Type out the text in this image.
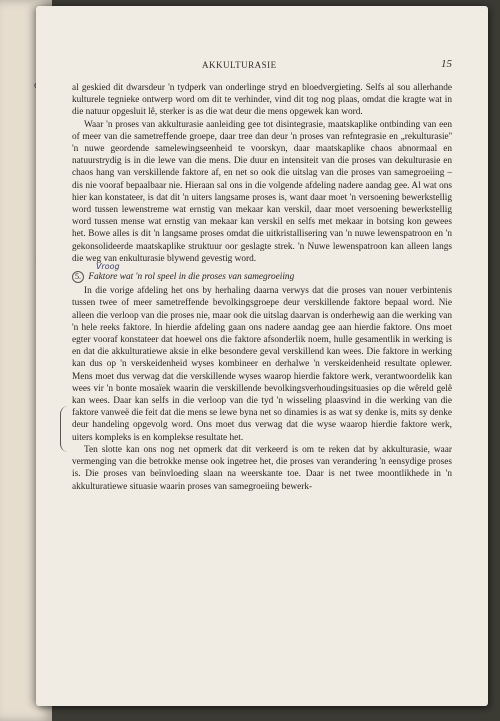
AKKULTURASIE	15

al geskied dit dwarsdeur 'n tydperk van onderlinge stryd en bloedvergieting. Selfs al sou allerhande kulturele tegnieke ontwerp word om dit te verhinder, vind dit tog nog plaas, omdat die kragte wat in die natuur opgesluit lê, sterker is as die wat deur die mens opgewek kan word.

Waar 'n proses van akkulturasie aanleiding gee tot disintegrasie, maatskaplike ontbinding van een of meer van die sametreffende groepe, daar tree dan deur 'n proses van refntegrasie en „rekulturasie'' 'n nuwe geordende samelewingseenheid te voorskyn, daar maatskaplike chaos abnormaal en natuurstrydig is in die lewe van die mens. Die duur en intensiteit van die proses van dekulturasie en chaos hang van verskillende faktore af, en net so ook die uitslag van die proses van samegroeiing – dis nie vooraf bepaalbaar nie. Hieraan sal ons in die volgende afdeling nadere aandag gee. Al wat ons hier kan konstateer, is dat dit 'n uiters langsame proses is, want daar moet 'n versoening bewerkstellig word tussen lewenstreme wat ernstig van mekaar kan verskil, daar moet versoening bewerkstellig word tussen mense wat ernstig van mekaar kan verskil en selfs met mekaar in botsing kon gewees het. Bowe alles is dit 'n langsame proses omdat die uitkristallisering van 'n nuwe lewenspatroon en 'n gekonsolideerde maatskaplike struktuur oor geslagte strek. 'n Nuwe lewenspatroon kan alleen langs die weg van enkulturasie blywend gevestig word.

Vroog
5. Faktore wat 'n rol speel in die proses van samegroeiing

In die vorige afdeling het ons by herhaling daarna verwys dat die proses van nouer verbintenis tussen twee of meer sametreffende bevolkingsgroepe deur verskillende faktore bepaal word. Nie alleen die verloop van die proses nie, maar ook die uitslag daarvan is onderhewig aan die werking van 'n hele reeks faktore. In hierdie afdeling gaan ons nadere aandag gee aan hierdie faktore. Ons moet egter vooraf konstateer dat hoewel ons die faktore afsonderlik noem, hulle gesamentlik in werking is en dat die akkulturatiewe aksie in elke besondere geval verskillend kan wees. Die faktore in werking kan dus op 'n verskeidenheid wyses kombineer en derhalwe 'n verskeidenheid resultate oplewer. Mens moet dus verwag dat die verskillende wyses waarop hierdie faktore werk, verantwoordelik kan wees vir 'n bonte mosaïek waarin die verskillende bevolkingsverhoudingsituasies op die wêreld gelê kan wees. Daar kan selfs in die verloop van die tyd 'n wisseling plaasvind in die werking van die faktore vanweë die feit dat die mens se lewe byna net so dinamies is as wat sy denke is, mits sy denke deur handeling opgevolg word. Ons moet dus verwag dat die wyse waarop hierdie faktore werk, uiters kompleks is en komplekse resultate het.

Ten slotte kan ons nog net opmerk dat dit verkeerd is om te reken dat by akkulturasie, waar vermenging van die betrokke mense ook ingetree het, die proses van verandering 'n eensydige proses is. Die proses van beïnvloeding slaan na weerskante toe. Daar is net twee moontlikhede in 'n akkulturatiewe situasie waarin proses van samegroeiing bewerk-
